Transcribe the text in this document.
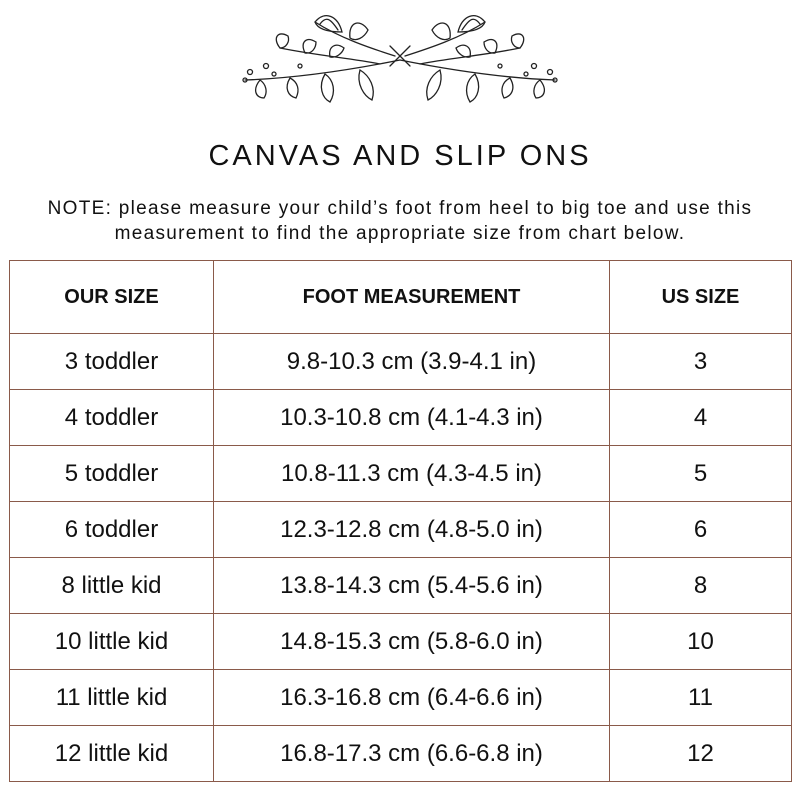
CANVAS AND SLIP ONS
NOTE: please measure your child’s foot from heel to big toe and use this measurement to find the appropriate size from chart below.
OUR SIZE	FOOT MEASUREMENT	US SIZE
3 toddler	9.8-10.3 cm (3.9-4.1 in)	3
4 toddler	10.3-10.8 cm (4.1-4.3 in)	4
5 toddler	10.8-11.3 cm (4.3-4.5 in)	5
6 toddler	12.3-12.8 cm (4.8-5.0 in)	6
8 little kid	13.8-14.3 cm (5.4-5.6 in)	8
10 little kid	14.8-15.3 cm (5.8-6.0 in)	10
11 little kid	16.3-16.8 cm (6.4-6.6 in)	11
12 little kid	16.8-17.3 cm (6.6-6.8 in)	12
